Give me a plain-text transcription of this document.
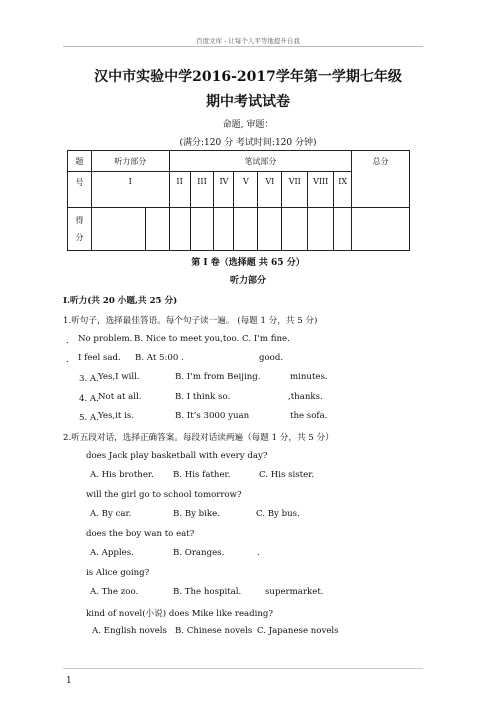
百度文库 - 让每个人平等地提升自我
汉中市实验中学2016-2017学年第一学期七年级
期中考试试卷
命题, 审题：
(满分:120 分 考试时间:120 分钟)
题	听力部分		笔试部分								总分
号	I		II	III	IV	V	VI	VII	VIII	IX	

得
分											

第 I 卷（选择题 共 65 分）
听力部分
I.听力(共 20 小题,共 25 分)
1.听句子，选择最佳答语。每个句子读一遍。 (每题 1 分，共 5 分)
． No problem. B. Nice to meet you,too. C. I’m fine.
． I feel sad. B. At 5:00 .	good.
3. A．
Yes,I will.	B. I’m from Beijing.	minutes.
4. A．
Not at all.	B. I think so.	,thanks.
5. A．
Yes,it is.	B. It’s 3000 yuan	the sofa.
2.听五段对话，选择正确答案。每段对话读两遍（每题 1 分，共 5 分）
does Jack play basketball with every day?
A. His brother. B. His father.	C. His sister.
will the girl go to school tomorrow?
A. By car.	B. By bike.	C. By bus.
does the boy wan to eat?
A. Apples.	B. Oranges.	.
is Alice going?
A. The zoo.	B. The hospital.	supermarket.
kind of novel(小说) does Mike like reading?
A. English novels B. Chinese novels C. Japanese novels
1
